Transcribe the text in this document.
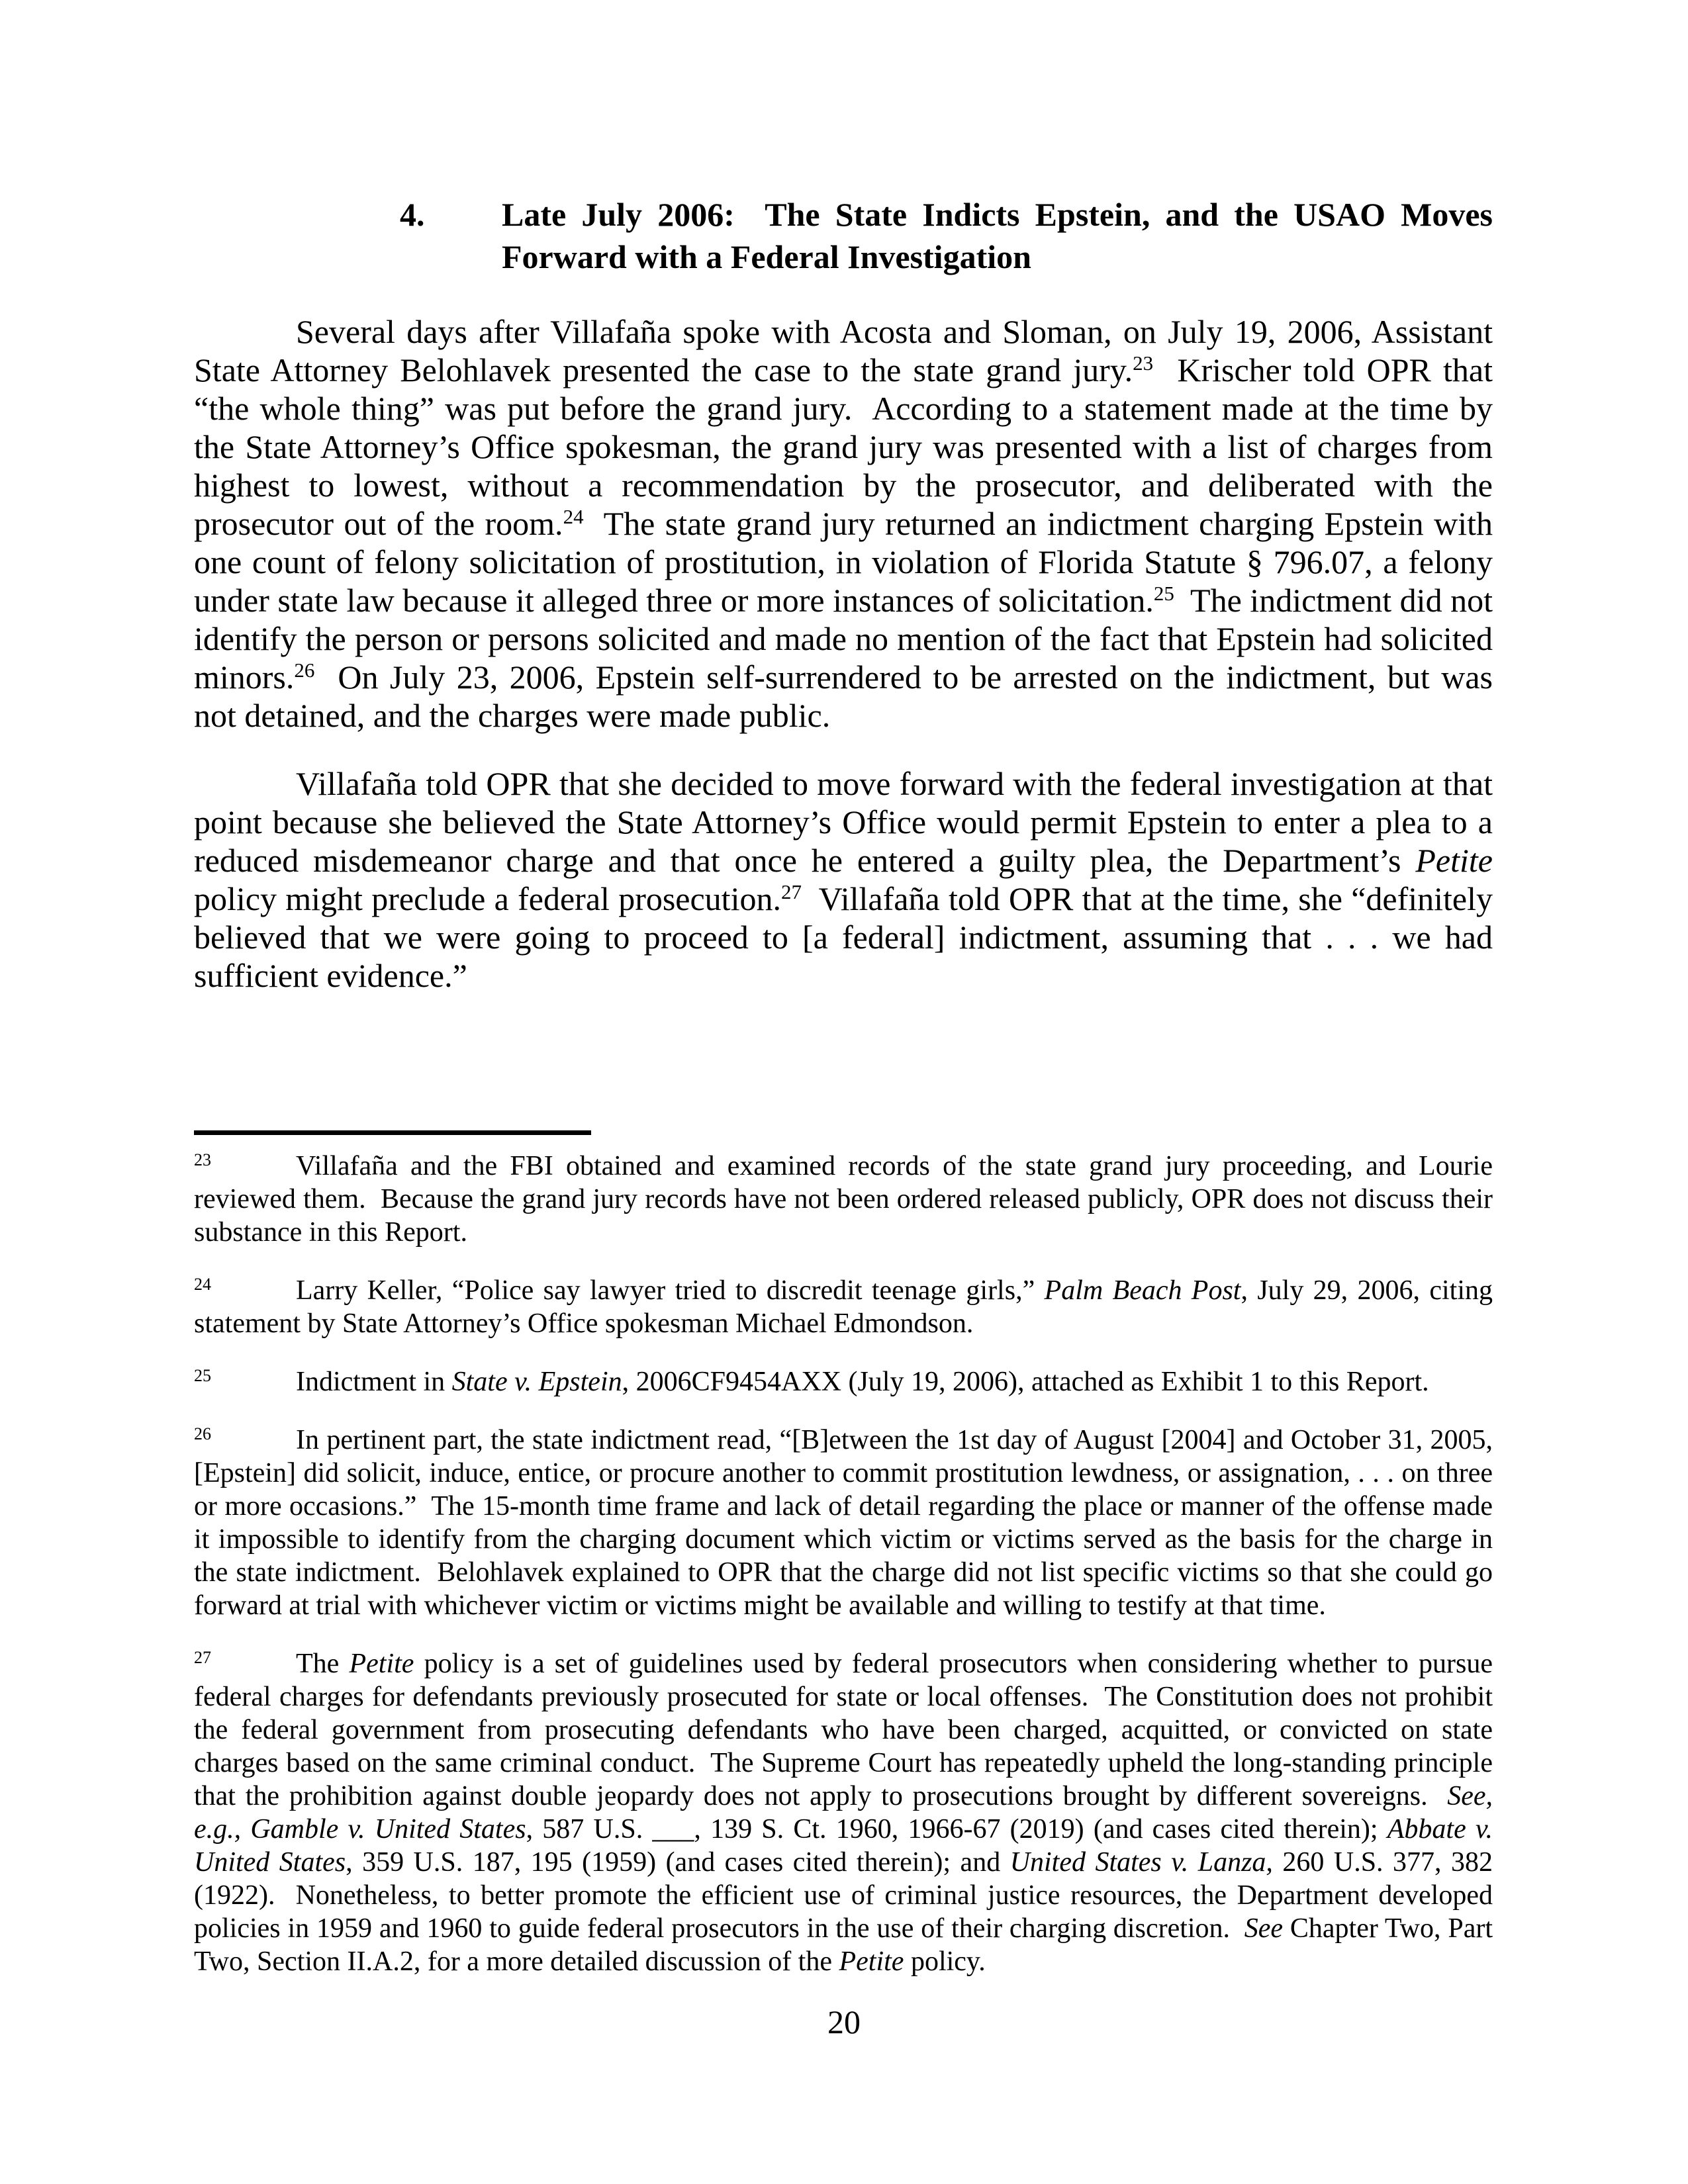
4.	Late July 2006:  The State Indicts Epstein, and the USAO Moves Forward with a Federal Investigation

Several days after Villafaña spoke with Acosta and Sloman, on July 19, 2006, Assistant State Attorney Belohlavek presented the case to the state grand jury.$^{23}$  Krischer told OPR that “the whole thing” was put before the grand jury.  According to a statement made at the time by the State Attorney’s Office spokesman, the grand jury was presented with a list of charges from highest to lowest, without a recommendation by the prosecutor, and deliberated with the prosecutor out of the room.$^{24}$  The state grand jury returned an indictment charging Epstein with one count of felony solicitation of prostitution, in violation of Florida Statute § 796.07, a felony under state law because it alleged three or more instances of solicitation.$^{25}$  The indictment did not identify the person or persons solicited and made no mention of the fact that Epstein had solicited minors.$^{26}$  On July 23, 2006, Epstein self-surrendered to be arrested on the indictment, but was not detained, and the charges were made public.

Villafaña told OPR that she decided to move forward with the federal investigation at that point because she believed the State Attorney’s Office would permit Epstein to enter a plea to a reduced misdemeanor charge and that once he entered a guilty plea, the Department’s Petite policy might preclude a federal prosecution.$^{27}$  Villafaña told OPR that at the time, she “definitely believed that we were going to proceed to [a federal] indictment, assuming that . . . we had sufficient evidence.”

$^{23}$	Villafaña and the FBI obtained and examined records of the state grand jury proceeding, and Lourie reviewed them.  Because the grand jury records have not been ordered released publicly, OPR does not discuss their substance in this Report.
$^{24}$	Larry Keller, “Police say lawyer tried to discredit teenage girls,” Palm Beach Post, July 29, 2006, citing statement by State Attorney’s Office spokesman Michael Edmondson.
$^{25}$	Indictment in State v. Epstein, 2006CF9454AXX (July 19, 2006), attached as Exhibit 1 to this Report.
$^{26}$	In pertinent part, the state indictment read, “[B]etween the 1st day of August [2004] and October 31, 2005, [Epstein] did solicit, induce, entice, or procure another to commit prostitution lewdness, or assignation, . . . on three or more occasions.”  The 15-month time frame and lack of detail regarding the place or manner of the offense made it impossible to identify from the charging document which victim or victims served as the basis for the charge in the state indictment.  Belohlavek explained to OPR that the charge did not list specific victims so that she could go forward at trial with whichever victim or victims might be available and willing to testify at that time.
$^{27}$	The Petite policy is a set of guidelines used by federal prosecutors when considering whether to pursue federal charges for defendants previously prosecuted for state or local offenses.  The Constitution does not prohibit the federal government from prosecuting defendants who have been charged, acquitted, or convicted on state charges based on the same criminal conduct.  The Supreme Court has repeatedly upheld the long-standing principle that the prohibition against double jeopardy does not apply to prosecutions brought by different sovereigns.  See, e.g., Gamble v. United States, 587 U.S. ___, 139 S. Ct. 1960, 1966-67 (2019) (and cases cited therein); Abbate v. United States, 359 U.S. 187, 195 (1959) (and cases cited therein); and United States v. Lanza, 260 U.S. 377, 382 (1922).  Nonetheless, to better promote the efficient use of criminal justice resources, the Department developed policies in 1959 and 1960 to guide federal prosecutors in the use of their charging discretion.  See Chapter Two, Part Two, Section II.A.2, for a more detailed discussion of the Petite policy.
20
